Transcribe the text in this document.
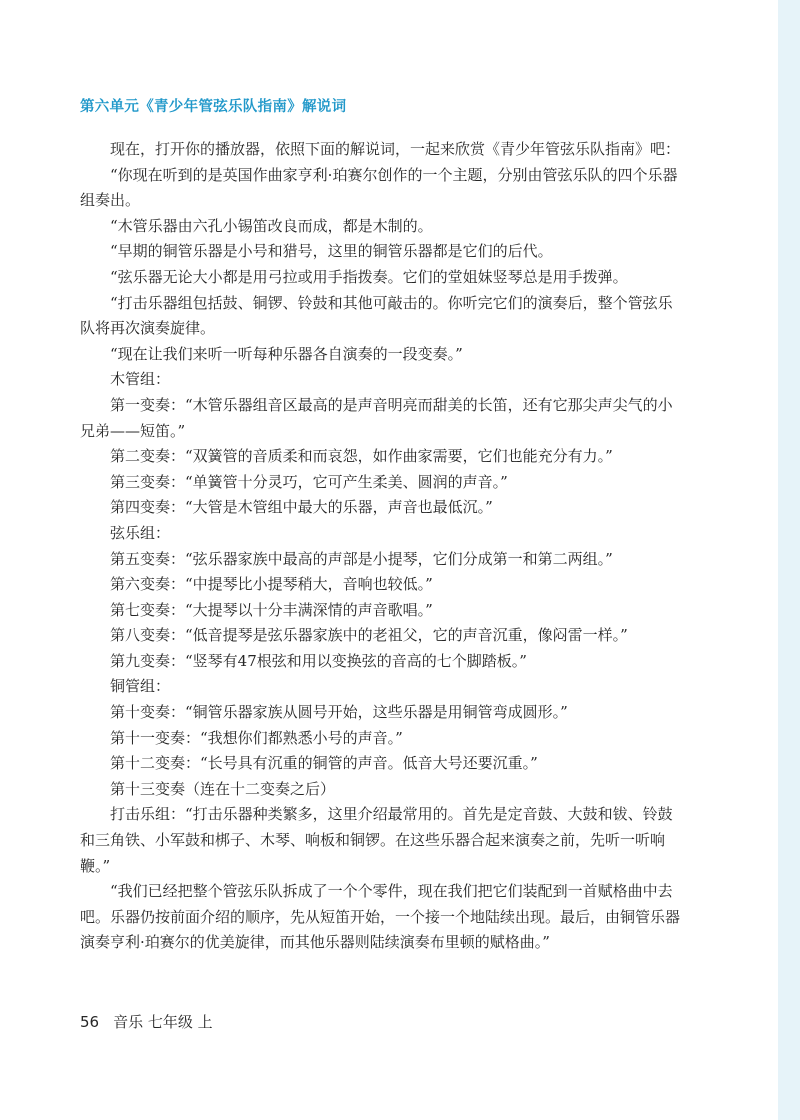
第六单元《青少年管弦乐队指南》解说词

现在，打开你的播放器，依照下面的解说词，一起来欣赏《青少年管弦乐队指南》吧：

“你现在听到的是英国作曲家亨利·珀赛尔创作的一个主题，分别由管弦乐队的四个乐器组奏出。

“木管乐器由六孔小锡笛改良而成，都是木制的。

“早期的铜管乐器是小号和猎号，这里的铜管乐器都是它们的后代。

“弦乐器无论大小都是用弓拉或用手指拨奏。它们的堂姐妹竖琴总是用手拨弹。

“打击乐器组包括鼓、铜锣、铃鼓和其他可敲击的。你听完它们的演奏后，整个管弦乐队将再次演奏旋律。

“现在让我们来听一听每种乐器各自演奏的一段变奏。”

木管组：

第一变奏：“木管乐器组音区最高的是声音明亮而甜美的长笛，还有它那尖声尖气的小兄弟——短笛。”

第二变奏：“双簧管的音质柔和而哀怨，如作曲家需要，它们也能充分有力。”

第三变奏：“单簧管十分灵巧，它可产生柔美、圆润的声音。”

第四变奏：“大管是木管组中最大的乐器，声音也最低沉。”

弦乐组：

第五变奏：“弦乐器家族中最高的声部是小提琴，它们分成第一和第二两组。”

第六变奏：“中提琴比小提琴稍大，音响也较低。”

第七变奏：“大提琴以十分丰满深情的声音歌唱。”

第八变奏：“低音提琴是弦乐器家族中的老祖父，它的声音沉重，像闷雷一样。”

第九变奏：“竖琴有47根弦和用以变换弦的音高的七个脚踏板。”

铜管组：

第十变奏：“铜管乐器家族从圆号开始，这些乐器是用铜管弯成圆形。”

第十一变奏：“我想你们都熟悉小号的声音。”

第十二变奏：“长号具有沉重的铜管的声音。低音大号还要沉重。”

第十三变奏（连在十二变奏之后）

打击乐组：“打击乐器种类繁多，这里介绍最常用的。首先是定音鼓、大鼓和钹、铃鼓和三角铁、小军鼓和梆子、木琴、响板和铜锣。在这些乐器合起来演奏之前，先听一听响鞭。”

“我们已经把整个管弦乐队拆成了一个个零件，现在我们把它们装配到一首赋格曲中去吧。乐器仍按前面介绍的顺序，先从短笛开始，一个接一个地陆续出现。最后，由铜管乐器演奏亨利·珀赛尔的优美旋律，而其他乐器则陆续演奏布里顿的赋格曲。”

56 音乐 七年级 上
